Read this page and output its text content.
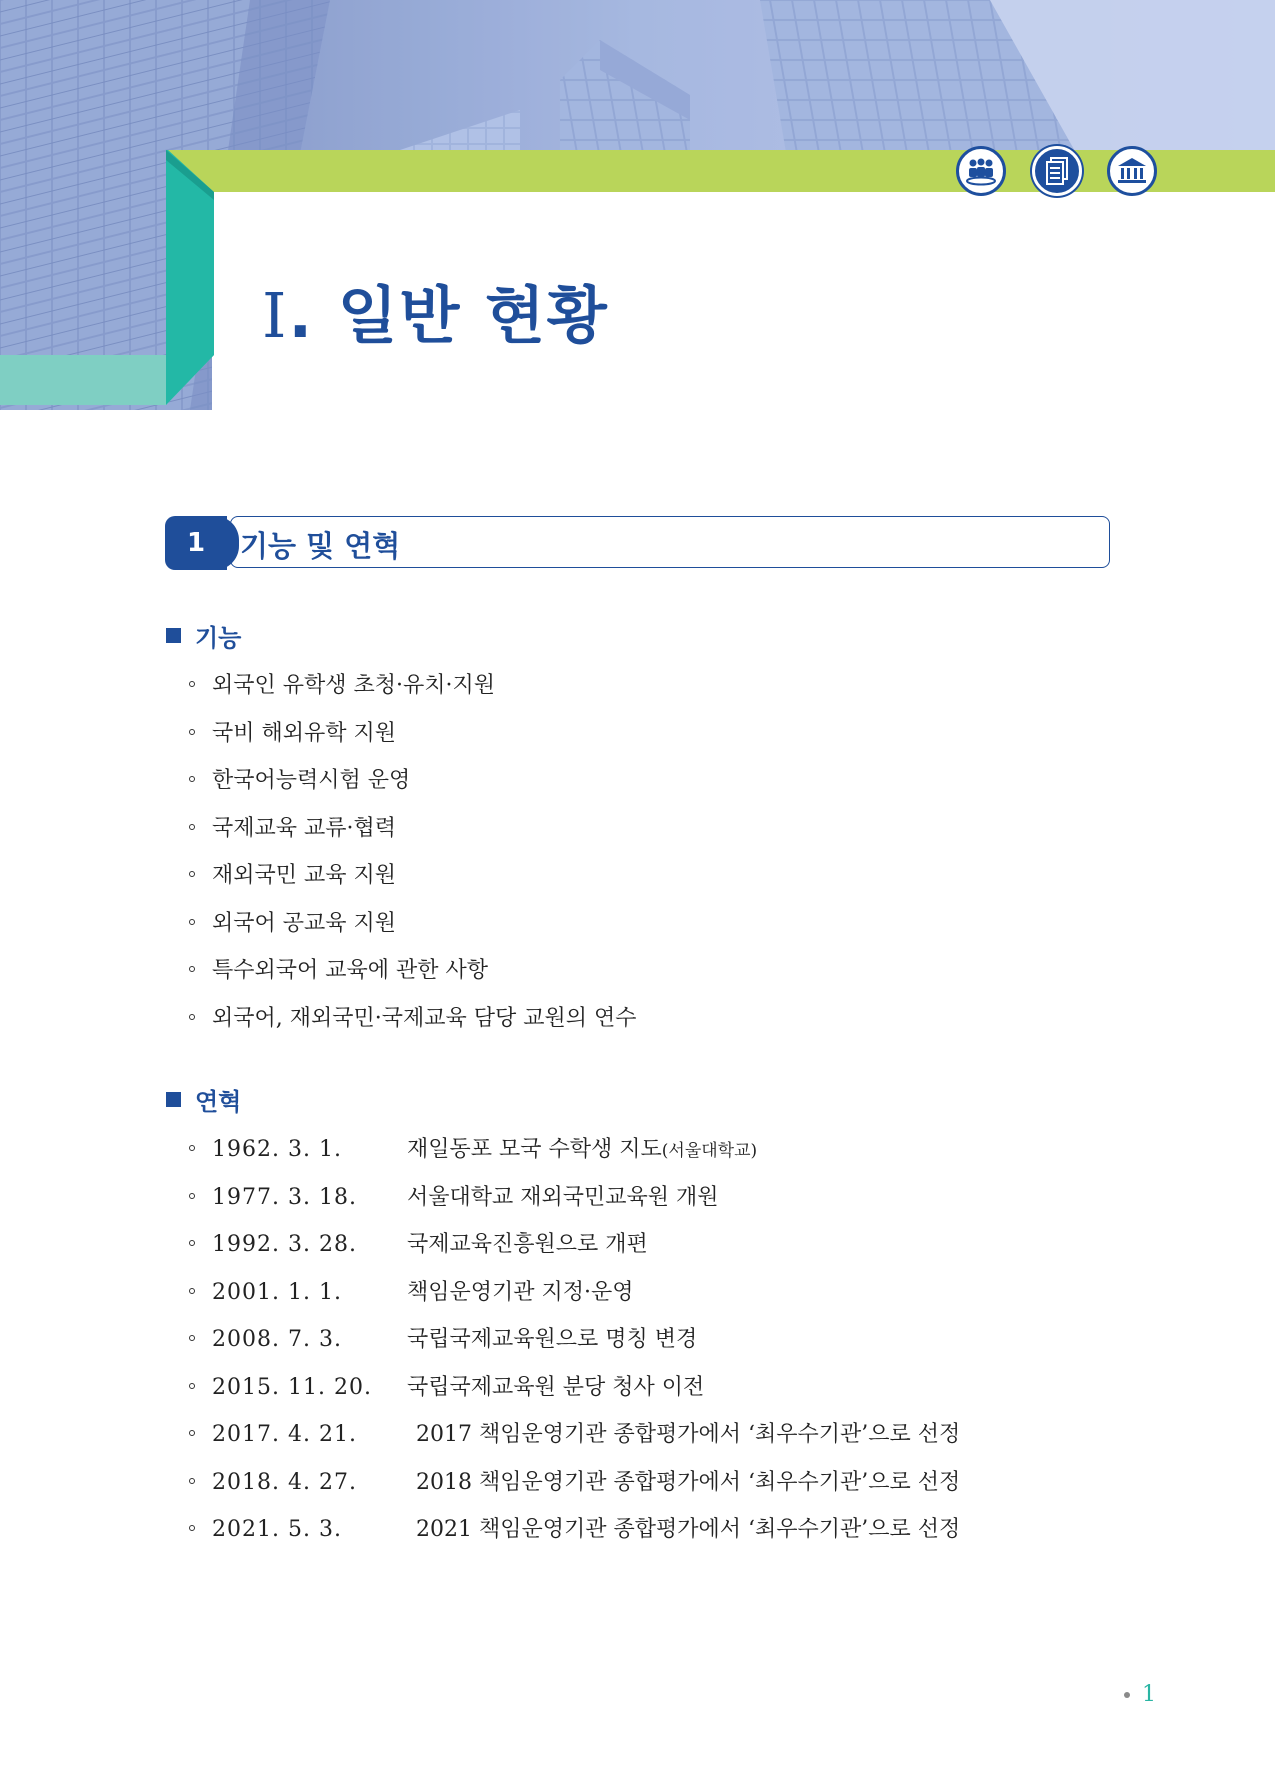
Ⅰ. 일반 현황
1 기능 및 연혁
기능
외국인 유학생 초청·유치·지원
국비 해외유학 지원
한국어능력시험 운영
국제교육 교류·협력
재외국민 교육 지원
외국어 공교육 지원
특수외국어 교육에 관한 사항
외국어, 재외국민·국제교육 담당 교원의 연수
연혁
1962. 3. 1.	재일동포 모국 수학생 지도(서울대학교)
1977. 3. 18. 서울대학교 재외국민교육원 개원
1992. 3. 28. 국제교육진흥원으로 개편
2001. 1. 1.	책임운영기관 지정·운영
2008. 7. 3.	국립국제교육원으로 명칭 변경
2015. 11. 20. 국립국제교육원 분당 청사 이전
2017. 4. 21.	2017 책임운영기관 종합평가에서 ‘최우수기관’으로 선정
2018. 4. 27.	2018 책임운영기관 종합평가에서 ‘최우수기관’으로 선정
2021. 5. 3.	2021 책임운영기관 종합평가에서 ‘최우수기관’으로 선정
1
